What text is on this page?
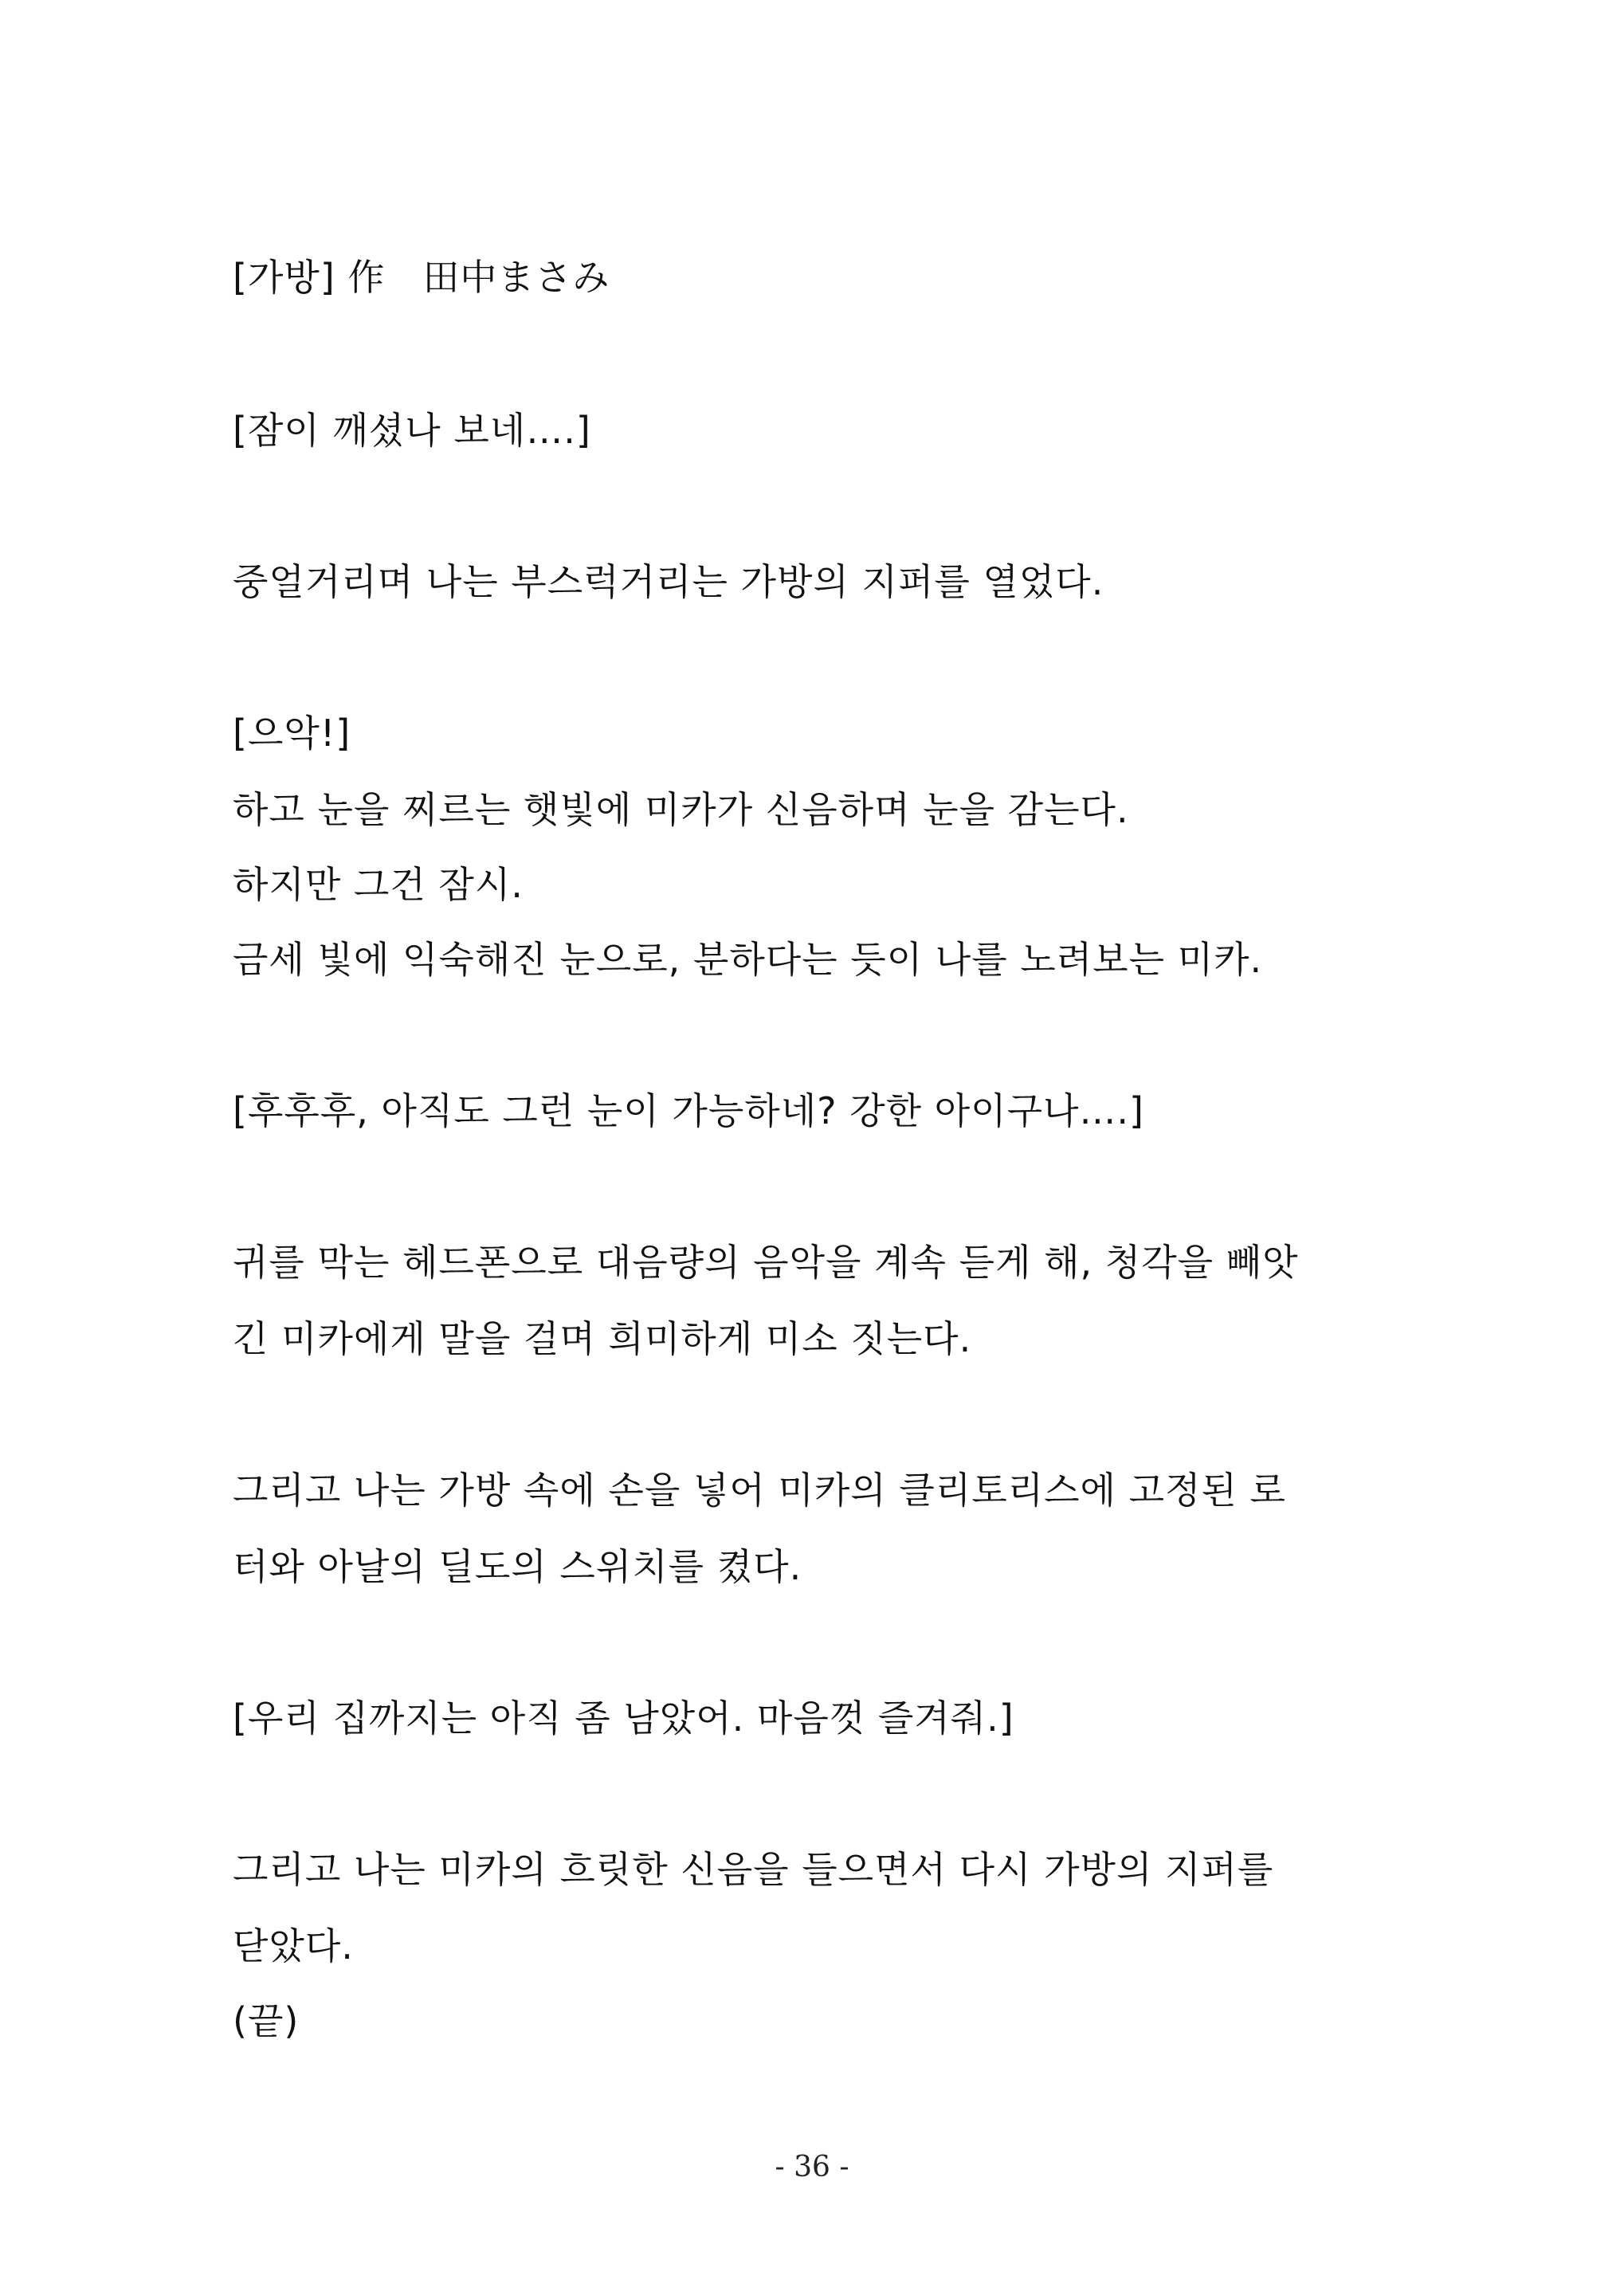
[가방] 作　田中まさみ
[잠이 깨셨나 보네….]
중얼거리며 나는 부스럭거리는 가방의 지퍼를 열었다.
[으악!]
하고 눈을 찌르는 햇빛에 미카가 신음하며 눈을 감는다.
하지만 그건 잠시.
금세 빛에 익숙해진 눈으로, 분하다는 듯이 나를 노려보는 미카.
[후후후, 아직도 그런 눈이 가능하네? 강한 아이구나….]
귀를 막는 헤드폰으로 대음량의 음악을 계속 듣게 해, 청각을 빼앗
긴 미카에게 말을 걸며 희미하게 미소 짓는다.
그리고 나는 가방 속에 손을 넣어 미카의 클리토리스에 고정된 로
터와 아날의 딜도의 스위치를 켰다.
[우리 집까지는 아직 좀 남았어. 마음껏 즐겨줘.]
그리고 나는 미카의 흐릿한 신음을 들으면서 다시 가방의 지퍼를
닫았다.
(끝)
- 36 -
